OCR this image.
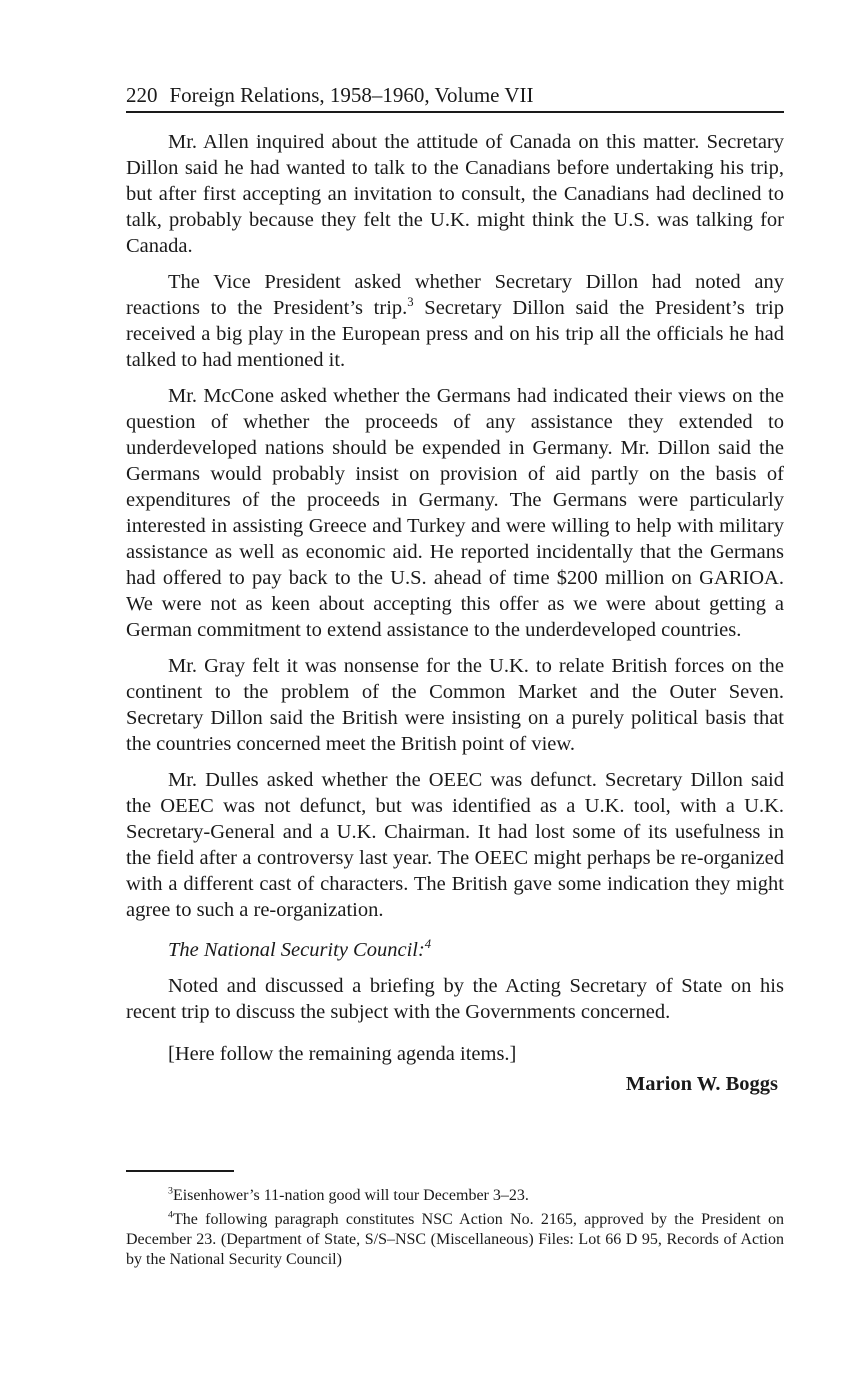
220 Foreign Relations, 1958–1960, Volume VII

Mr. Allen inquired about the attitude of Canada on this matter. Secretary Dillon said he had wanted to talk to the Canadians before undertaking his trip, but after first accepting an invitation to consult, the Canadians had declined to talk, probably because they felt the U.K. might think the U.S. was talking for Canada.

The Vice President asked whether Secretary Dillon had noted any reactions to the President’s trip.$^3$ Secretary Dillon said the President’s trip received a big play in the European press and on his trip all the officials he had talked to had mentioned it.

Mr. McCone asked whether the Germans had indicated their views on the question of whether the proceeds of any assistance they extended to underdeveloped nations should be expended in Germany. Mr. Dillon said the Germans would probably insist on provision of aid partly on the basis of expenditures of the proceeds in Germany. The Germans were particularly interested in assisting Greece and Turkey and were willing to help with military assistance as well as economic aid. He reported incidentally that the Germans had offered to pay back to the U.S. ahead of time $200 million on GARIOA. We were not as keen about accepting this offer as we were about getting a German commitment to extend assistance to the underdeveloped countries.

Mr. Gray felt it was nonsense for the U.K. to relate British forces on the continent to the problem of the Common Market and the Outer Seven. Secretary Dillon said the British were insisting on a purely political basis that the countries concerned meet the British point of view.

Mr. Dulles asked whether the OEEC was defunct. Secretary Dillon said the OEEC was not defunct, but was identified as a U.K. tool, with a U.K. Secretary-General and a U.K. Chairman. It had lost some of its usefulness in the field after a controversy last year. The OEEC might perhaps be re-organized with a different cast of characters. The British gave some indication they might agree to such a re-organization.

The National Security Council:$^4$

Noted and discussed a briefing by the Acting Secretary of State on his recent trip to discuss the subject with the Governments concerned.

[Here follow the remaining agenda items.]
Marion W. Boggs

$^3$Eisenhower’s 11-nation good will tour December 3–23.

$^4$The following paragraph constitutes NSC Action No. 2165, approved by the President on December 23. (Department of State, S/S–NSC (Miscellaneous) Files: Lot 66 D 95, Records of Action by the National Security Council)
